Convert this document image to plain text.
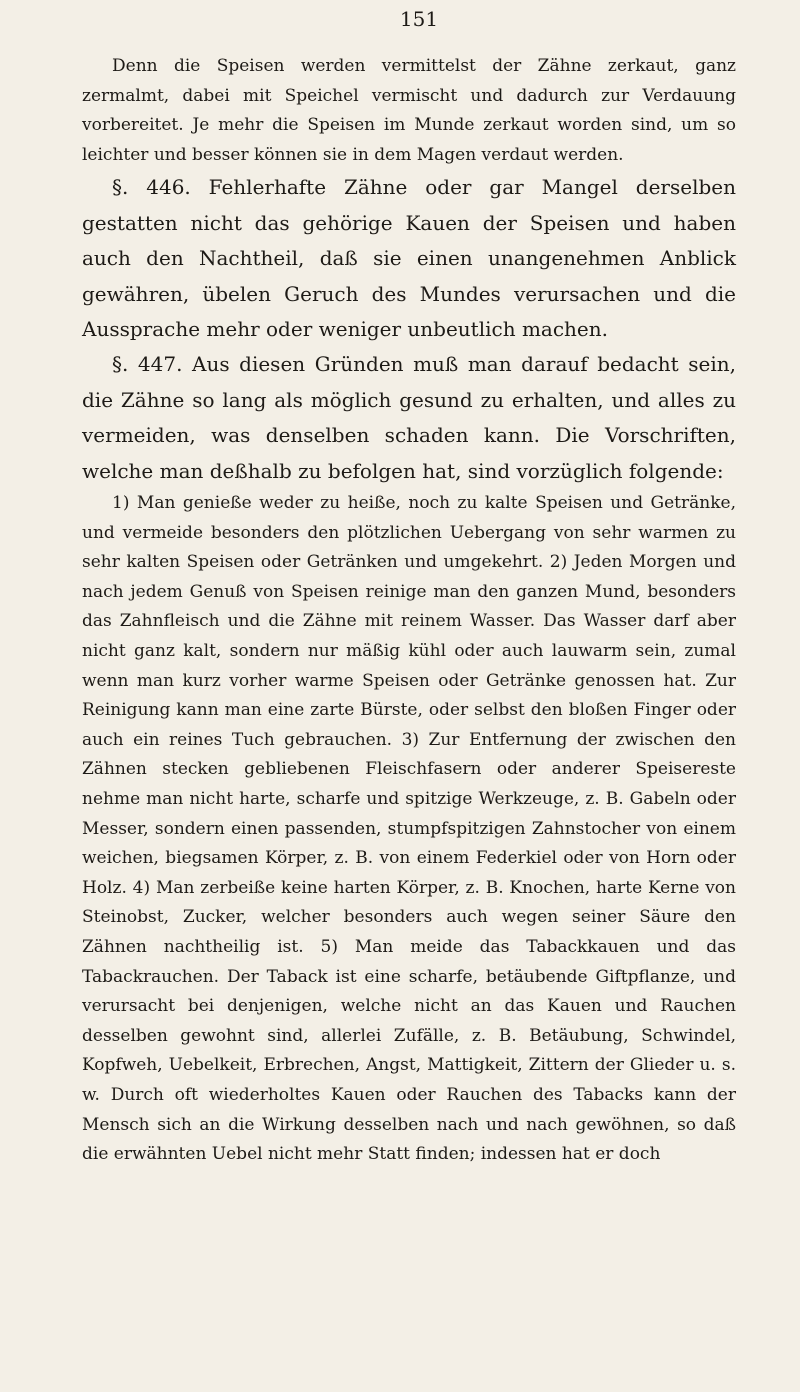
151

Denn die Speisen werden vermittelst der Zähne zerkaut, ganz zermalmt, dabei mit Speichel vermischt und dadurch zur Verdauung vorbereitet. Je mehr die Speisen im Munde zerkaut worden sind, um so leichter und besser können sie in dem Magen verdaut werden.

§. 446. Fehlerhafte Zähne oder gar Mangel derselben gestatten nicht das gehörige Kauen der Speisen und haben auch den Nachtheil, daß sie einen unangenehmen Anblick gewähren, übelen Geruch des Mundes verursachen und die Aussprache mehr oder weniger unbeutlich machen.

§. 447. Aus diesen Gründen muß man darauf bedacht sein, die Zähne so lang als möglich gesund zu erhalten, und alles zu vermeiden, was denselben schaden kann. Die Vorschriften, welche man deßhalb zu befolgen hat, sind vorzüglich folgende:

1) Man genieße weder zu heiße, noch zu kalte Speisen und Getränke, und vermeide besonders den plötzlichen Uebergang von sehr warmen zu sehr kalten Speisen oder Getränken und umgekehrt. 2) Jeden Morgen und nach jedem Genuß von Speisen reinige man den ganzen Mund, besonders das Zahnfleisch und die Zähne mit reinem Wasser. Das Wasser darf aber nicht ganz kalt, sondern nur mäßig kühl oder auch lauwarm sein, zumal wenn man kurz vorher warme Speisen oder Getränke genossen hat. Zur Reinigung kann man eine zarte Bürste, oder selbst den bloßen Finger oder auch ein reines Tuch gebrauchen. 3) Zur Entfernung der zwischen den Zähnen stecken gebliebenen Fleischfasern oder anderer Speisereste nehme man nicht harte, scharfe und spitzige Werkzeuge, z. B. Gabeln oder Messer, sondern einen passenden, stumpfspitzigen Zahnstocher von einem weichen, biegsamen Körper, z. B. von einem Federkiel oder von Horn oder Holz. 4) Man zerbeiße keine harten Körper, z. B. Knochen, harte Kerne von Steinobst, Zucker, welcher besonders auch wegen seiner Säure den Zähnen nachtheilig ist. 5) Man meide das Tabackkauen und das Tabackrauchen. Der Taback ist eine scharfe, betäubende Giftpflanze, und verursacht bei denjenigen, welche nicht an das Kauen und Rauchen desselben gewohnt sind, allerlei Zufälle, z. B. Betäubung, Schwindel, Kopfweh, Uebelkeit, Erbrechen, Angst, Mattigkeit, Zittern der Glieder u. s. w. Durch oft wiederholtes Kauen oder Rauchen des Tabacks kann der Mensch sich an die Wirkung desselben nach und nach gewöhnen, so daß die erwähnten Uebel nicht mehr Statt finden; indessen hat er doch
